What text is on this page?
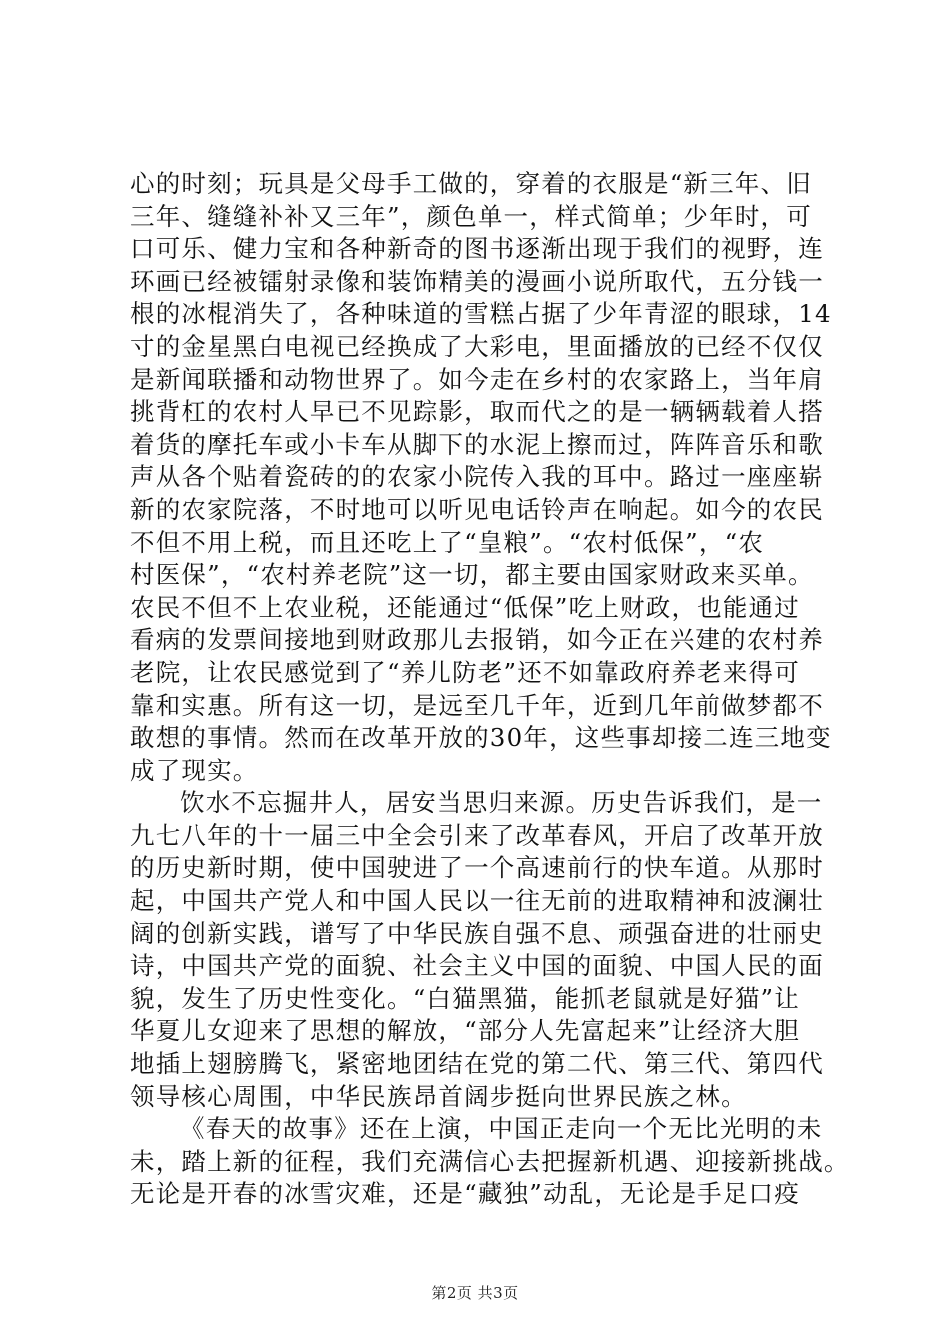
心的时刻；玩具是父母手工做的，穿着的衣服是“新三年、旧
三年、缝缝补补又三年”，颜色单一，样式简单；少年时，可
口可乐、健力宝和各种新奇的图书逐渐出现于我们的视野，连
环画已经被镭射录像和装饰精美的漫画小说所取代，五分钱一
根的冰棍消失了，各种味道的雪糕占据了少年青涩的眼球，14
寸的金星黑白电视已经换成了大彩电，里面播放的已经不仅仅
是新闻联播和动物世界了。如今走在乡村的农家路上，当年肩
挑背杠的农村人早已不见踪影，取而代之的是一辆辆载着人搭
着货的摩托车或小卡车从脚下的水泥上擦而过，阵阵音乐和歌
声从各个贴着瓷砖的的农家小院传入我的耳中。路过一座座崭
新的农家院落，不时地可以听见电话铃声在响起。如今的农民
不但不用上税，而且还吃上了“皇粮”。“农村低保”，“农
村医保”，“农村养老院”这一切，都主要由国家财政来买单。
农民不但不上农业税，还能通过“低保”吃上财政，也能通过
看病的发票间接地到财政那儿去报销，如今正在兴建的农村养
老院，让农民感觉到了“养儿防老”还不如靠政府养老来得可
靠和实惠。所有这一切，是远至几千年，近到几年前做梦都不
敢想的事情。然而在改革开放的30年，这些事却接二连三地变
成了现实。
饮水不忘掘井人，居安当思归来源。历史告诉我们，是一
九七八年的十一届三中全会引来了改革春风，开启了改革开放
的历史新时期，使中国驶进了一个高速前行的快车道。从那时
起，中国共产党人和中国人民以一往无前的进取精神和波澜壮
阔的创新实践，谱写了中华民族自强不息、顽强奋进的壮丽史
诗，中国共产党的面貌、社会主义中国的面貌、中国人民的面
貌，发生了历史性变化。“白猫黑猫，能抓老鼠就是好猫”让
华夏儿女迎来了思想的解放，“部分人先富起来”让经济大胆
地插上翅膀腾飞，紧密地团结在党的第二代、第三代、第四代
领导核心周围，中华民族昂首阔步挺向世界民族之林。
《春天的故事》还在上演，中国正走向一个无比光明的未
未，踏上新的征程，我们充满信心去把握新机遇、迎接新挑战。
无论是开春的冰雪灾难，还是“藏独”动乱，无论是手足口疫
第2页 共3页
